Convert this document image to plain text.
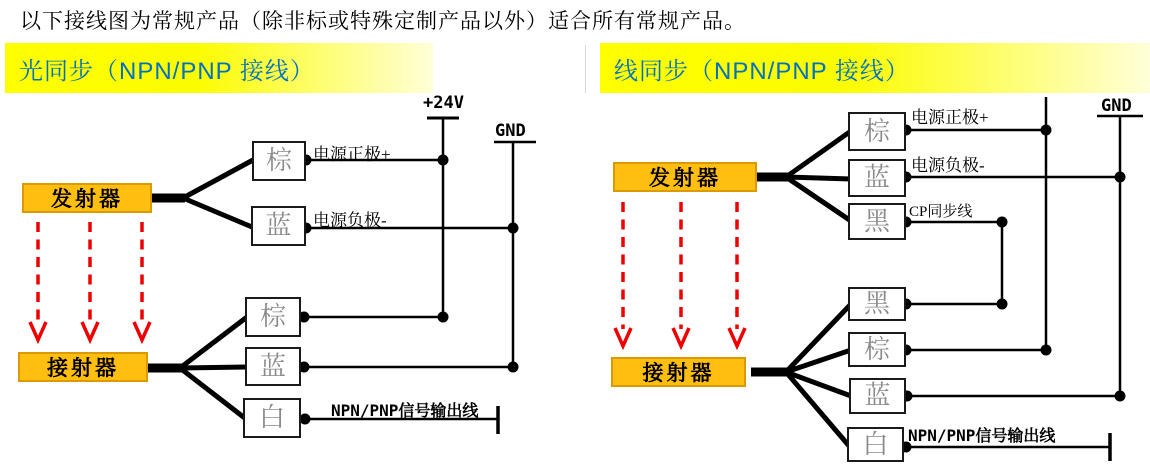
以下接线图为常规产品（除非标或特殊定制产品以外）适合所有常规产品。
光同步（NPN/PNP 接线）	线同步（NPN/PNP 接线）
发射器
接射器
棕
蓝
棕
蓝
白
电源正极+
电源负极-
NPN/PNP信号输出线
+24V
GND
发射器
接射器
棕
蓝
黑
黑
棕
蓝
白
电源正极+
电源负极-
CP同步线
NPN/PNP信号输出线
GND
